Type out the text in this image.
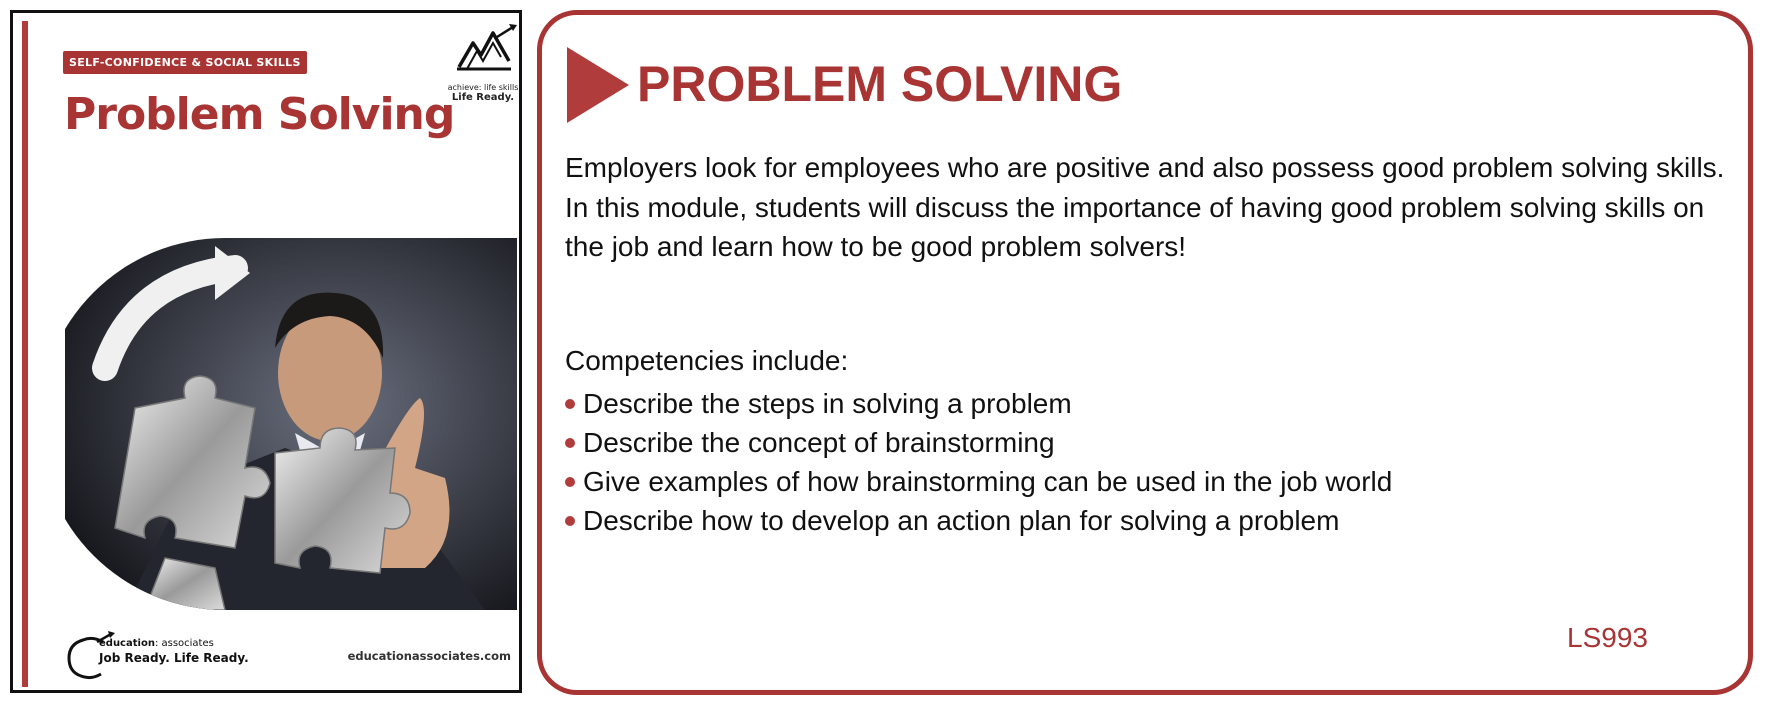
SELF-CONFIDENCE & SOCIAL SKILLS
Problem Solving
achieve: life skills
Life Ready.
education: associates
Job Ready. Life Ready.	educationassociates.com
PROBLEM SOLVING
Employers look for employees who are positive and also possess good problem solving skills. In this module, students will discuss the importance of having good problem solving skills on the job and learn how to be good problem solvers!
Competencies include:
Describe the steps in solving a problem
Describe the concept of brainstorming
Give examples of how brainstorming can be used in the job world
Describe how to develop an action plan for solving a problem
LS993
